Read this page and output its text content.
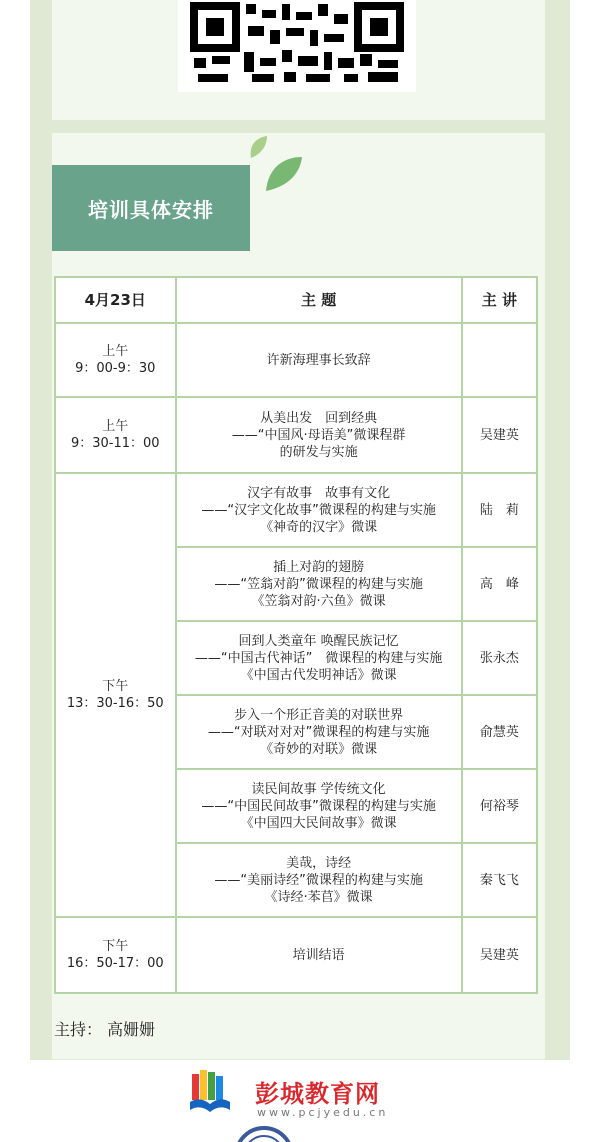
培训具体安排
4月23日	主 题	主 讲

上午
9：00-9：30	许新海理事长致辞	

上午
9：30-11：00	从美出发　回到经典
——“中国风·母语美”微课程群
的研发与实施	吴建英

下午
13：30-16：50	汉字有故事　故事有文化
——“汉字文化故事”微课程的构建与实施
《神奇的汉字》微课	陆　莉

	插上对韵的翅膀
——“笠翁对韵”微课程的构建与实施
《笠翁对韵·六鱼》微课	高　峰

	回到人类童年 唤醒民族记忆
——“中国古代神话”　微课程的构建与实施
《中国古代发明神话》微课	张永杰

	步入一个形正音美的对联世界
——“对联对对对”微课程的构建与实施
《奇妙的对联》微课	俞慧英

	读民间故事 学传统文化
——“中国民间故事”微课程的构建与实施
《中国四大民间故事》微课	何裕琴

	美哉，诗经
——“美丽诗经”微课程的构建与实施
《诗经·苯苢》微课	秦飞飞

下午
16：50-17：00	培训结语	吴建英
主持： 高姗姗
彭城教育网
www.pcjyedu.cn
